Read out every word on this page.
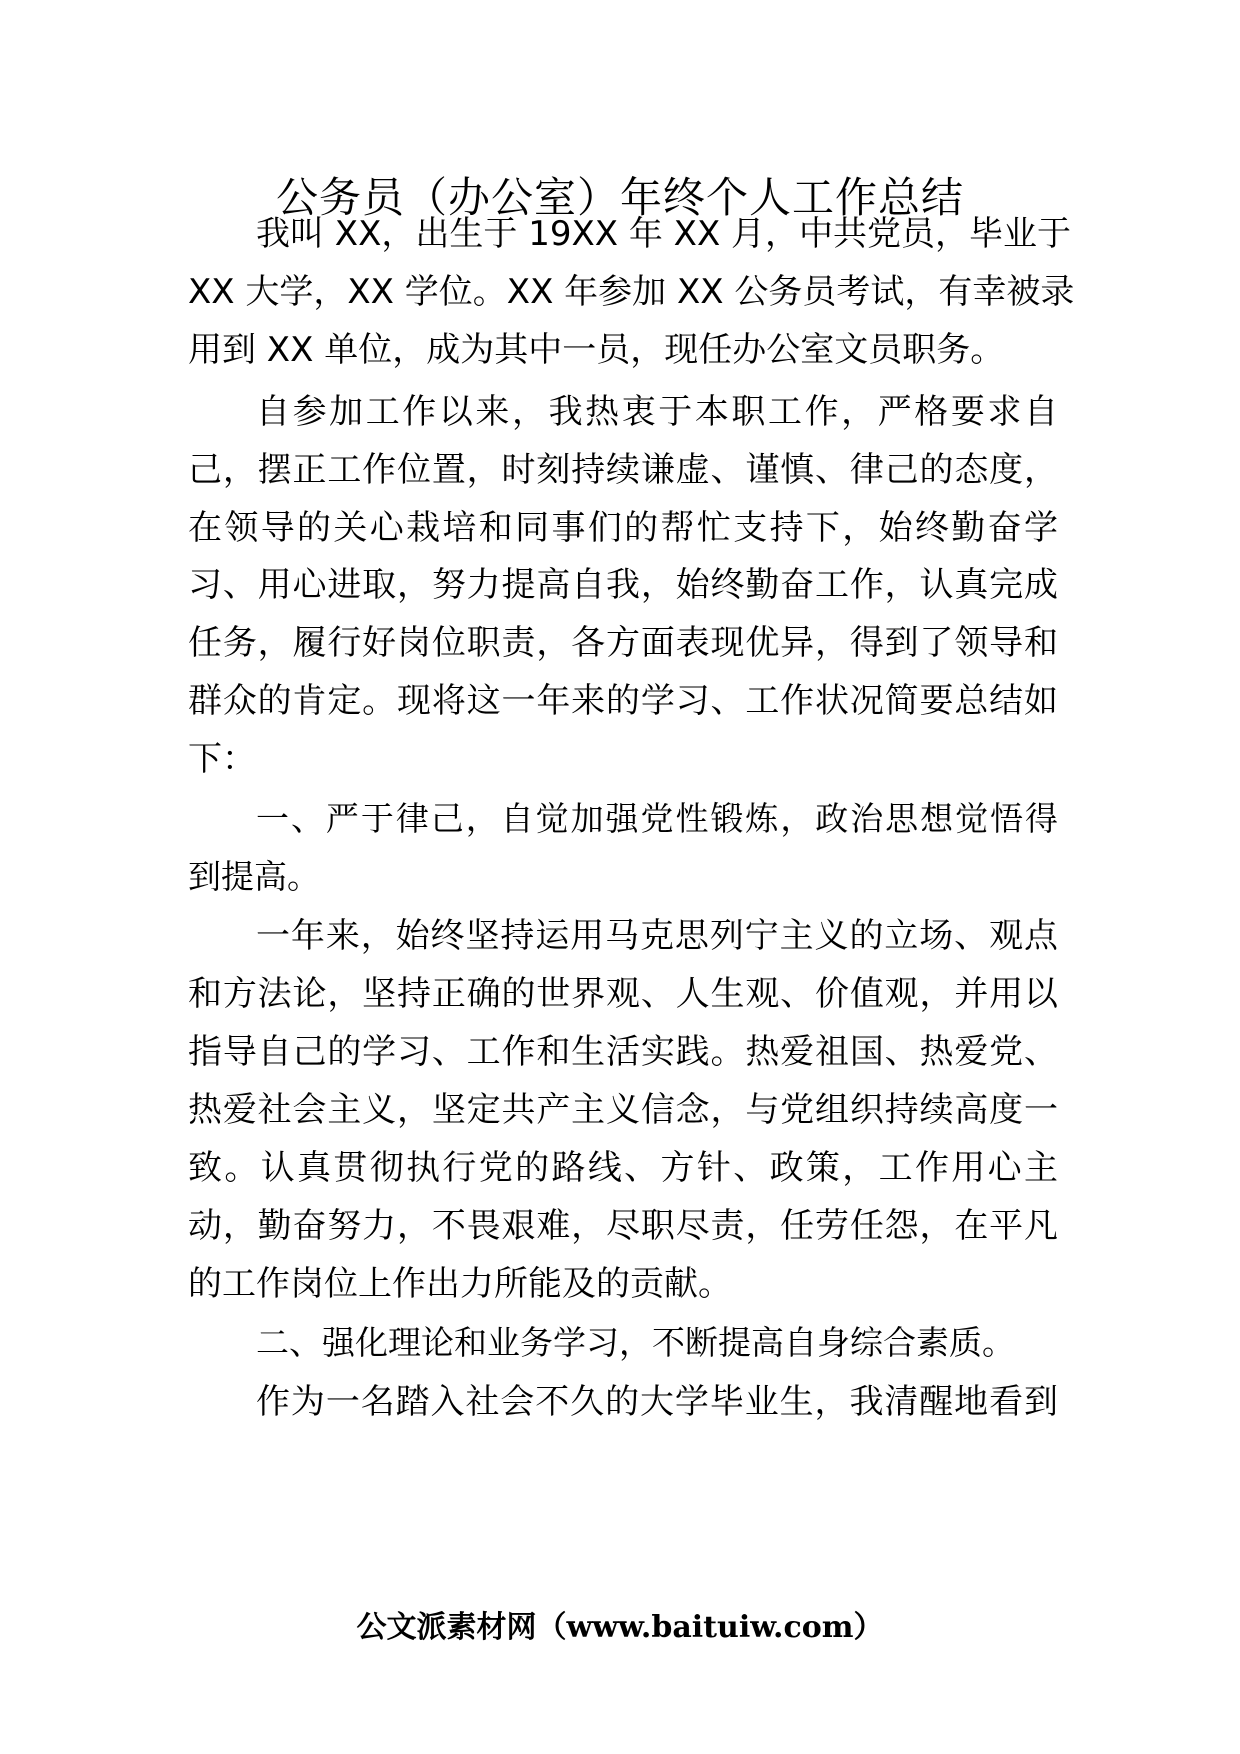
公务员（办公室）年终个人工作总结
我叫 XX，出生于 19XX 年 XX 月，中共党员，毕业于
XX 大学，XX 学位。XX 年参加 XX 公务员考试，有幸被录
用到 XX 单位，成为其中一员，现任办公室文员职务。
自参加工作以来，我热衷于本职工作，严格要求自
己，摆正工作位置，时刻持续谦虚、谨慎、律己的态度，
在领导的关心栽培和同事们的帮忙支持下，始终勤奋学
习、用心进取，努力提高自我，始终勤奋工作，认真完成
任务，履行好岗位职责，各方面表现优异，得到了领导和
群众的肯定。现将这一年来的学习、工作状况简要总结如
下：
一、严于律己，自觉加强党性锻炼，政治思想觉悟得
到提高。
一年来，始终坚持运用马克思列宁主义的立场、观点
和方法论，坚持正确的世界观、人生观、价值观，并用以
指导自己的学习、工作和生活实践。热爱祖国、热爱党、
热爱社会主义，坚定共产主义信念，与党组织持续高度一
致。认真贯彻执行党的路线、方针、政策，工作用心主
动，勤奋努力，不畏艰难，尽职尽责，任劳任怨，在平凡
的工作岗位上作出力所能及的贡献。
二、强化理论和业务学习，不断提高自身综合素质。
作为一名踏入社会不久的大学毕业生，我清醒地看到
公文派素材网（www.baituiw.com）
